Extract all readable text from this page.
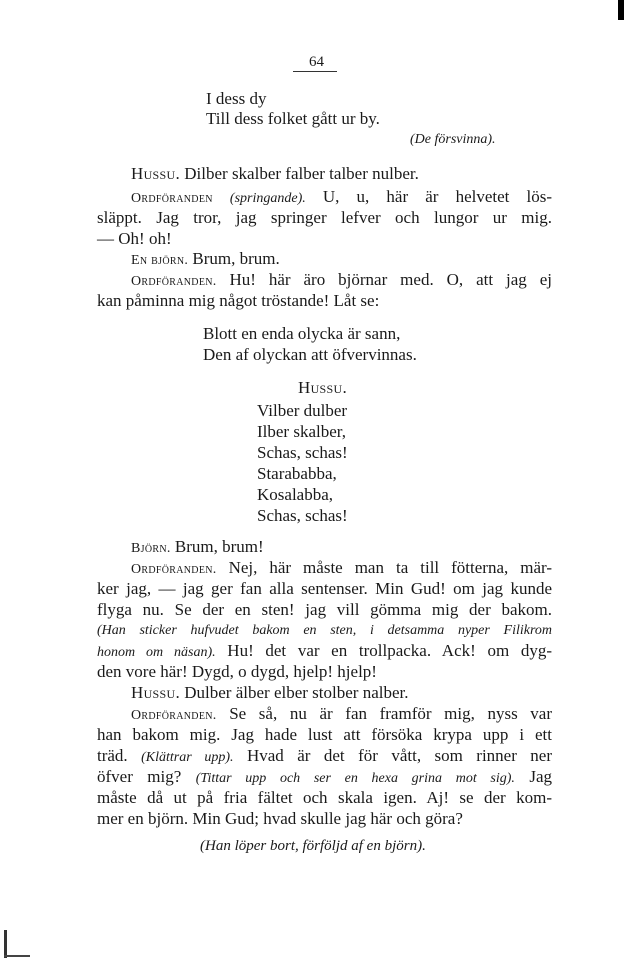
64
I dess dy
Till dess folket gått ur by.
(De försvinna).
Hussu. Dilber skalber falber talber nulber.
Ordföranden (springande). U, u, här är helvetet lös-
släppt. Jag tror, jag springer lefver och lungor ur mig.
— Oh! oh!
En björn. Brum, brum.
Ordföranden. Hu! här äro björnar med. O, att jag ej
kan påminna mig något tröstande! Låt se:
Blott en enda olycka är sann,
Den af olyckan att öfvervinnas.
Hussu.
Vilber dulber
Ilber skalber,
Schas, schas!
Starababba,
Kosalabba,
Schas, schas!
Björn. Brum, brum!
Ordföranden. Nej, här måste man ta till fötterna, mär-
ker jag, — jag ger fan alla sentenser. Min Gud! om jag kunde
flyga nu. Se der en sten! jag vill gömma mig der bakom.
(Han sticker hufvudet bakom en sten, i detsamma nyper Filikrom
honom om näsan). Hu! det var en trollpacka. Ack! om dyg-
den vore här! Dygd, o dygd, hjelp! hjelp!
Hussu. Dulber älber elber stolber nalber.
Ordföranden. Se så, nu är fan framför mig, nyss var
han bakom mig. Jag hade lust att försöka krypa upp i ett
träd. (Klättrar upp). Hvad är det för vått, som rinner ner
öfver mig? (Tittar upp och ser en hexa grina mot sig). Jag
måste då ut på fria fältet och skala igen. Aj! se der kom-
mer en björn. Min Gud; hvad skulle jag här och göra?
(Han löper bort, förföljd af en björn).
